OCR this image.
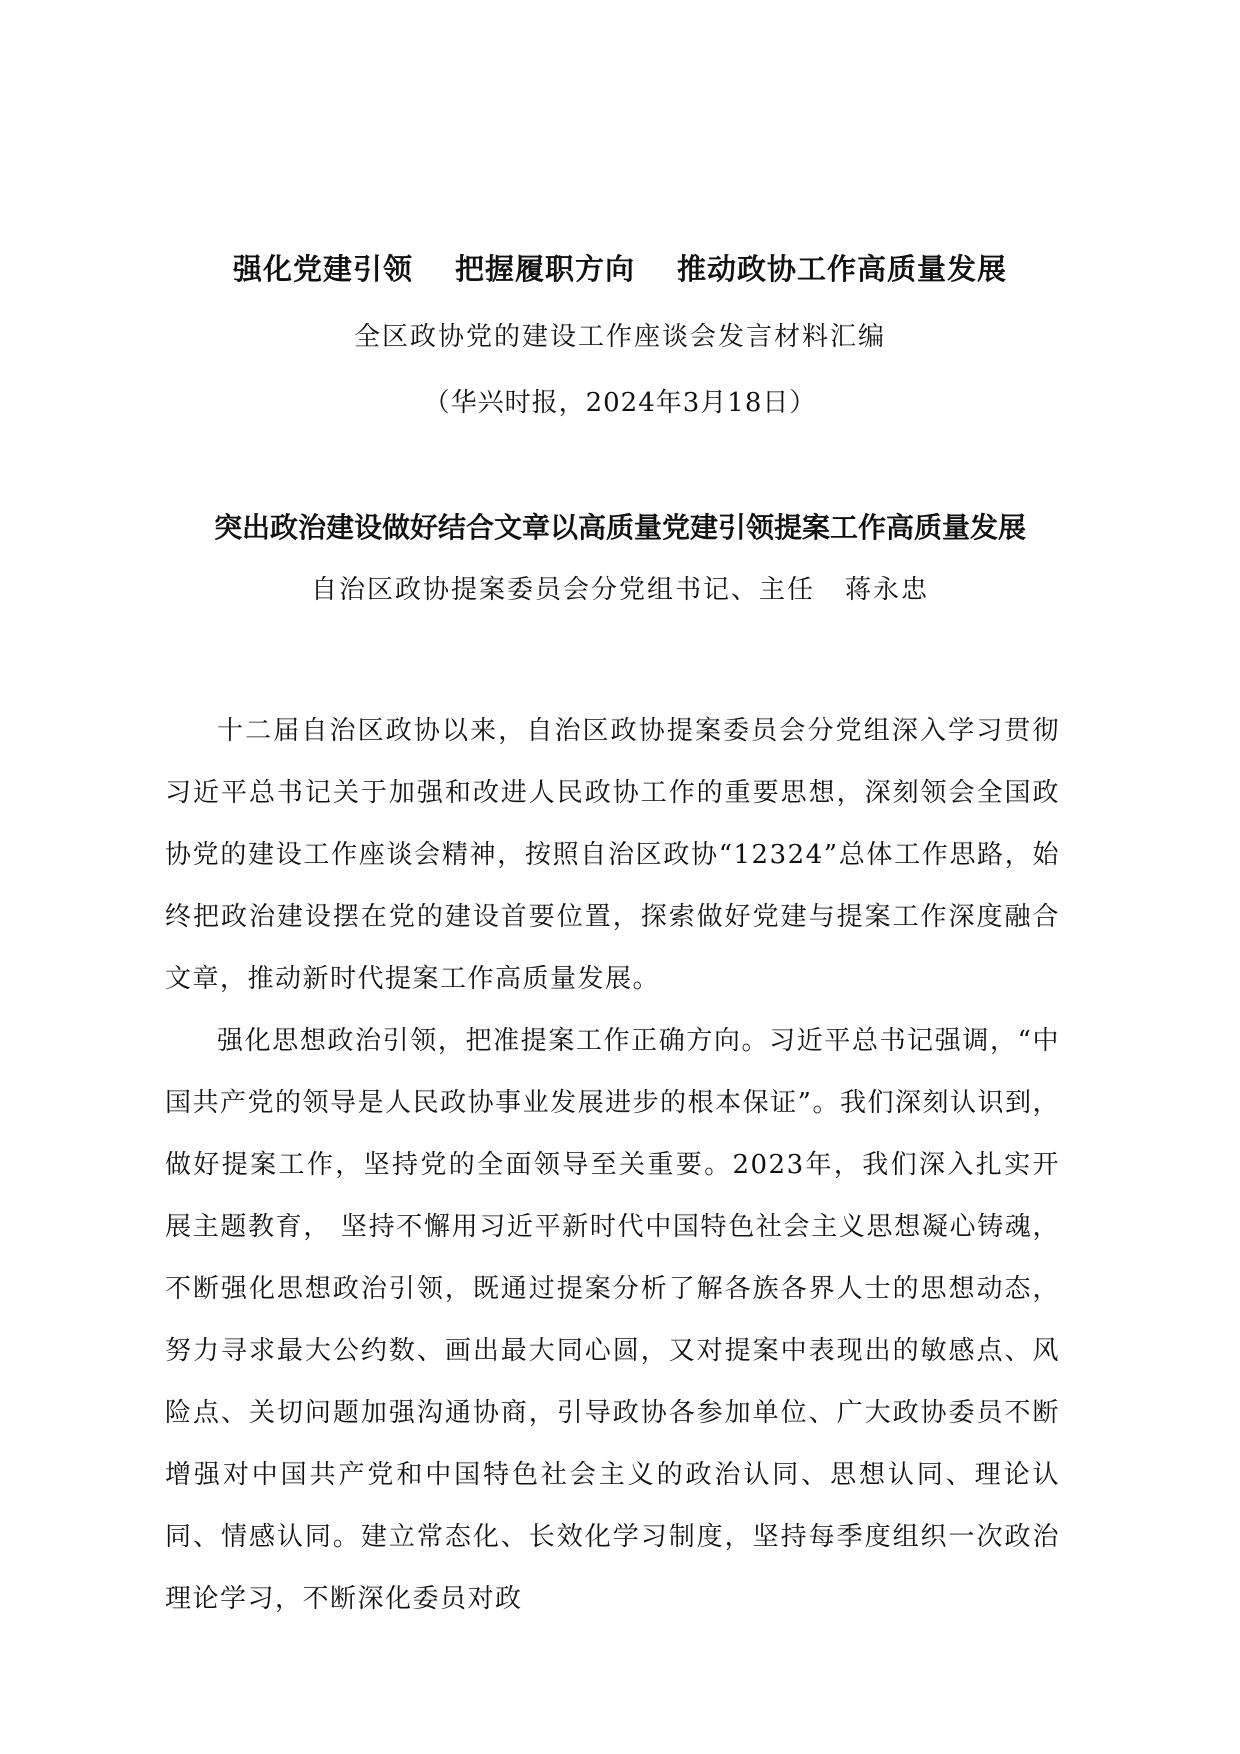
强化党建引领 把握履职方向 推动政协工作高质量发展
全区政协党的建设工作座谈会发言材料汇编
（华兴时报，2024年3月18日）
突出政治建设做好结合文章以高质量党建引领提案工作高质量发展
自治区政协提案委员会分党组书记、主任 蒋永忠

十二届自治区政协以来，自治区政协提案委员会分党组深入学习贯彻习近平总书记关于加强和改进人民政协工作的重要思想，深刻领会全国政协党的建设工作座谈会精神，按照自治区政协“12324”总体工作思路，始终把政治建设摆在党的建设首要位置，探索做好党建与提案工作深度融合文章，推动新时代提案工作高质量发展。

强化思想政治引领，把准提案工作正确方向。习近平总书记强调，“中国共产党的领导是人民政协事业发展进步的根本保证”。我们深刻认识到，做好提案工作，坚持党的全面领导至关重要。2023年，我们深入扎实开展主题教育， 坚持不懈用习近平新时代中国特色社会主义思想凝心铸魂，不断强化思想政治引领，既通过提案分析了解各族各界人士的思想动态，努力寻求最大公约数、画出最大同心圆，又对提案中表现出的敏感点、风险点、关切问题加强沟通协商，引导政协各参加单位、广大政协委员不断增强对中国共产党和中国特色社会主义的政治认同、思想认同、理论认同、情感认同。建立常态化、长效化学习制度，坚持每季度组织一次政治理论学习，不断深化委员对政
